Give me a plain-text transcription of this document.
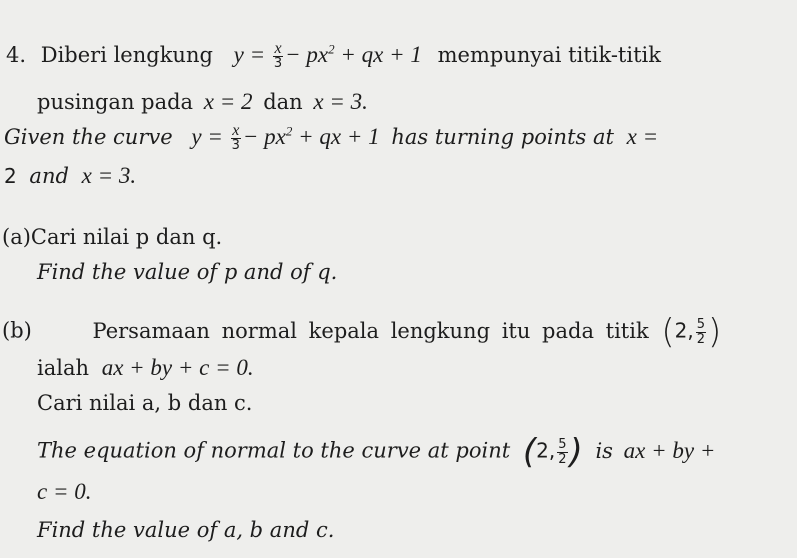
4. Diberi lengkung $y = \frac{x}{3} - px^2$ + qx + 1 mempunyai titik-titik
pusingan pada x = 2 dan x = 3.
Given the curve $y = \frac{x}{3} - px^2$ + qx + 1 has turning points at x =
2 and x = 3.
(a)Cari nilai p dan q.
Find the value of p and of q.
(b)	Persamaan normal kepala lengkung itu pada titik (2, $\frac{5}{2}$ )
ialah ax + by + c = 0.
Cari nilai a, b dan c.
The equation of normal to the curve at point (2, $\frac{5}{2}$ ) is ax + by +
c = 0.
Find the value of a, b and c.
